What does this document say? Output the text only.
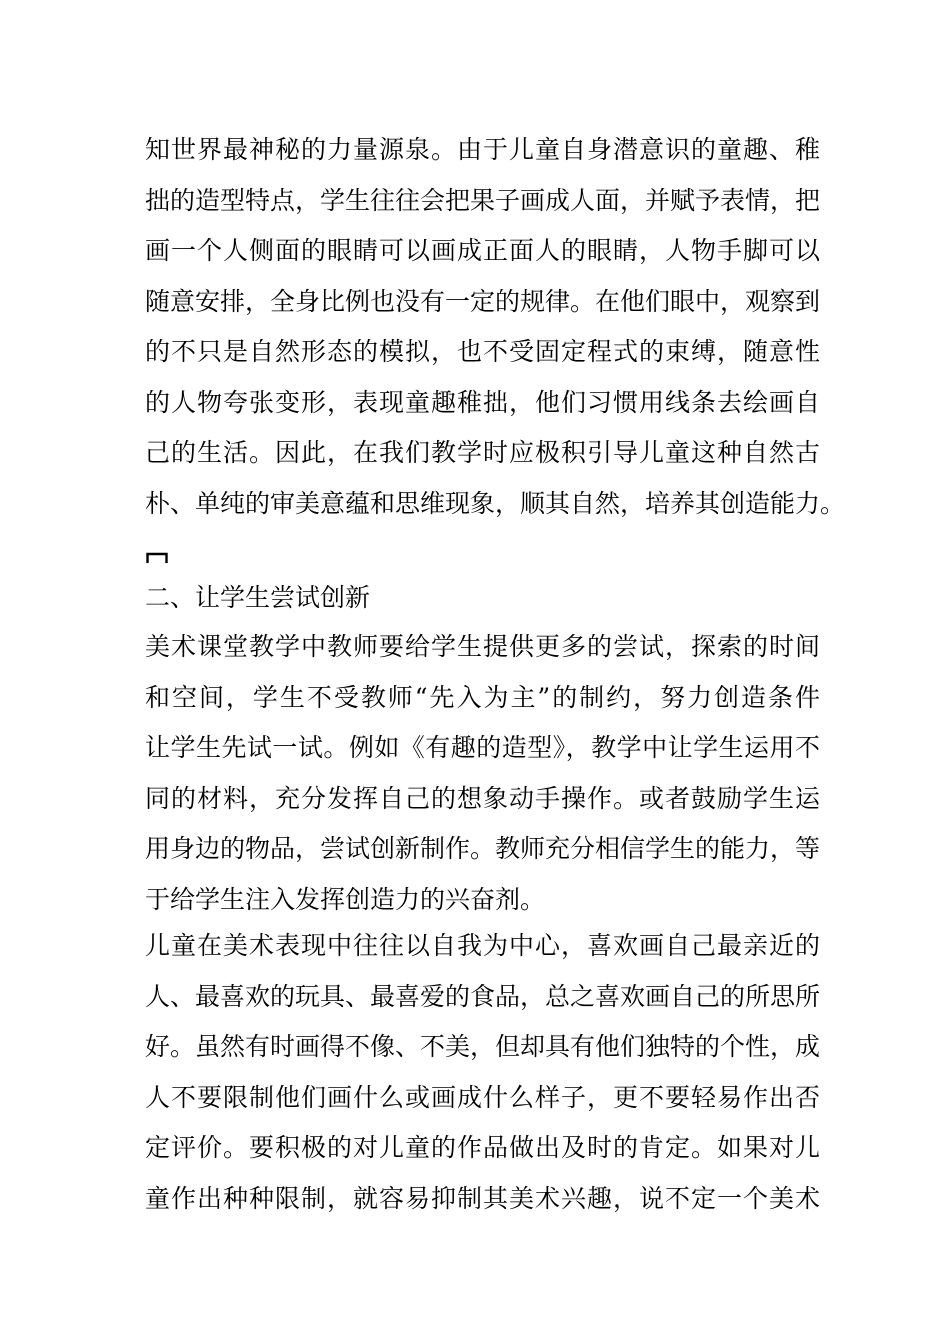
知世界最神秘的力量源泉。由于儿童自身潜意识的童趣、稚
拙的造型特点，学生往往会把果子画成人面，并赋予表情，把
画一个人侧面的眼睛可以画成正面人的眼睛，人物手脚可以
随意安排，全身比例也没有一定的规律。在他们眼中，观察到
的不只是自然形态的模拟，也不受固定程式的束缚，随意性
的人物夸张变形，表现童趣稚拙，他们习惯用线条去绘画自
己的生活。因此，在我们教学时应极积引导儿童这种自然古
朴、单纯的审美意蕴和思维现象，顺其自然，培养其创造能力。
二、让学生尝试创新
美术课堂教学中教师要给学生提供更多的尝试，探索的时间
和空间，学生不受教师“先入为主”的制约，努力创造条件
让学生先试一试。例如《有趣的造型》，教学中让学生运用不
同的材料，充分发挥自己的想象动手操作。或者鼓励学生运
用身边的物品，尝试创新制作。教师充分相信学生的能力，等
于给学生注入发挥创造力的兴奋剂。
儿童在美术表现中往往以自我为中心，喜欢画自己最亲近的
人、最喜欢的玩具、最喜爱的食品，总之喜欢画自己的所思所
好。虽然有时画得不像、不美，但却具有他们独特的个性，成
人不要限制他们画什么或画成什么样子，更不要轻易作出否
定评价。要积极的对儿童的作品做出及时的肯定。如果对儿
童作出种种限制，就容易抑制其美术兴趣，说不定一个美术
